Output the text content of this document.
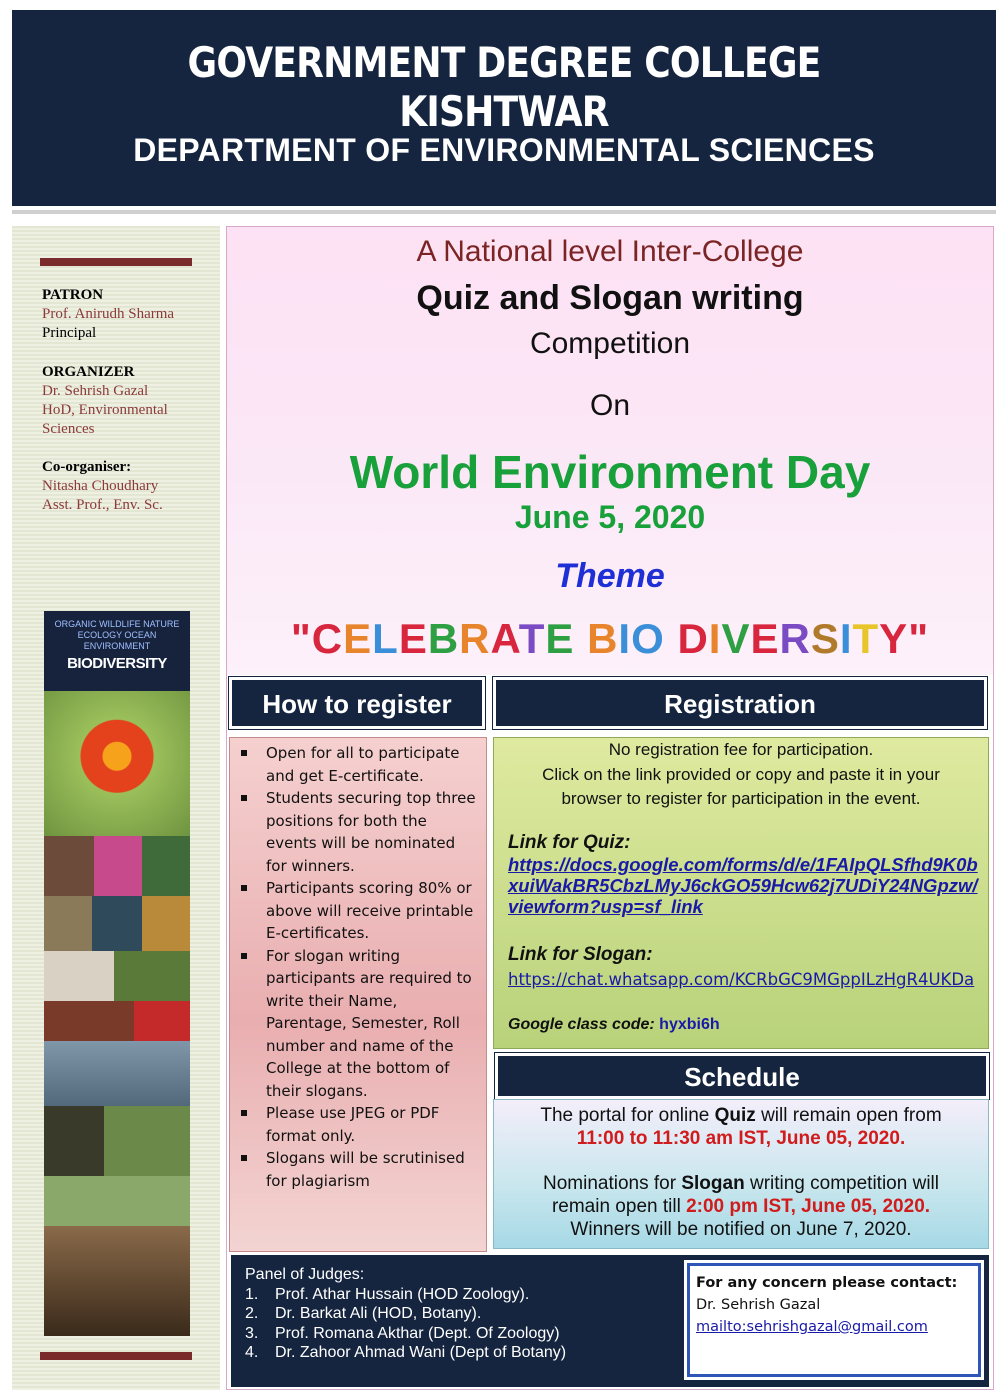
GOVERNMENT DEGREE COLLEGE KISHTWAR
DEPARTMENT OF ENVIRONMENTAL SCIENCES
PATRON
Prof. Anirudh Sharma
Principal
ORGANIZER
Dr. Sehrish Gazal
HoD, Environmental Sciences
Co-organiser:
Nitasha Choudhary
Asst. Prof., Env. Sc.
ORGANIC WILDLIFE NATURE ECOLOGY OCEAN ENVIRONMENT
BIODIVERSITY
A National level Inter-College
Quiz and Slogan writing
Competition
On
World Environment Day
June 5, 2020
Theme
"CELEBRATE BIO DIVERSITY"
How to register
Open for all to participate and get E-certificate.
Students securing top three positions for both the events will be nominated for winners.
Participants scoring 80% or above will receive printable E-certificates.
For slogan writing participants are required to write their Name, Parentage, Semester, Roll number and name of the College at the bottom of their slogans.
Please use JPEG or PDF format only.
Slogans will be scrutinised for plagiarism
Registration
No registration fee for participation.
Click on the link provided or copy and paste it in your browser to register for participation in the event.
Link for Quiz:
https://docs.google.com/forms/d/e/1FAIpQLSfhd9K0bxuiWakBR5CbzLMyJ6ckGO59Hcw62j7UDiY24NGpzw/viewform?usp=sf_link
Link for Slogan:
https://chat.whatsapp.com/KCRbGC9MGppILzHgR4UKDa
Google class code: hyxbi6h
Schedule
The portal for online Quiz will remain open from
11:00 to 11:30 am IST, June 05, 2020.
Nominations for Slogan writing competition will remain open till 2:00 pm IST, June 05, 2020.
Winners will be notified on June 7, 2020.
Panel of Judges:
1. Prof. Athar Hussain (HOD Zoology).
2. Dr. Barkat Ali (HOD, Botany).
3. Prof. Romana Akthar (Dept. Of Zoology)
4. Dr. Zahoor Ahmad Wani (Dept of Botany)
For any concern please contact:
Dr. Sehrish Gazal
mailto:sehrishgazal@gmail.com
